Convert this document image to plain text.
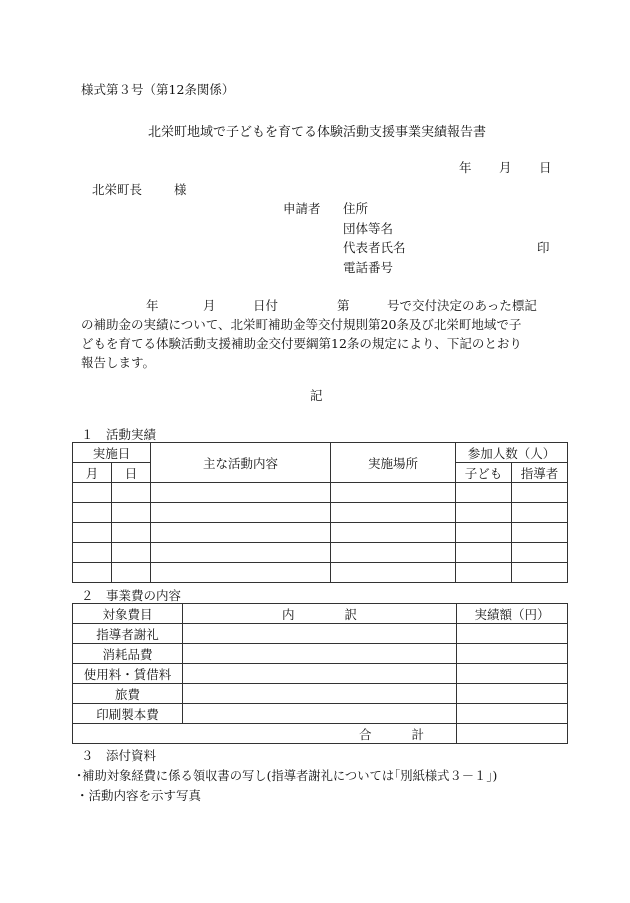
様式第３号（第12条関係）
北栄町地域で子どもを育てる体験活動支援事業実績報告書
年 月 日
北栄町長	様
申請者 住所
団体等名
代表者氏名	印
電話番号
年	月	日付	第	号で交付決定のあった標記
の補助金の実績について、北栄町補助金等交付規則第20条及び北栄町地域で子
どもを育てる体験活動支援補助金交付要綱第12条の規定により、下記のとおり
報告します。
記
１　活動実績
実施日		主な活動内容	実施場所	参加人数（人）	
月	日			子ども	指導者

２　事業費の内容
対象費目	内 訳	実績額（円）
指導者謝礼		
消耗品費		
使用料・賃借料		
旅費		
印刷製本費		
合 計		
３　添付資料
･補助対象経費に係る領収書の写し(指導者謝礼については｢別紙様式３－１｣)
・活動内容を示す写真
